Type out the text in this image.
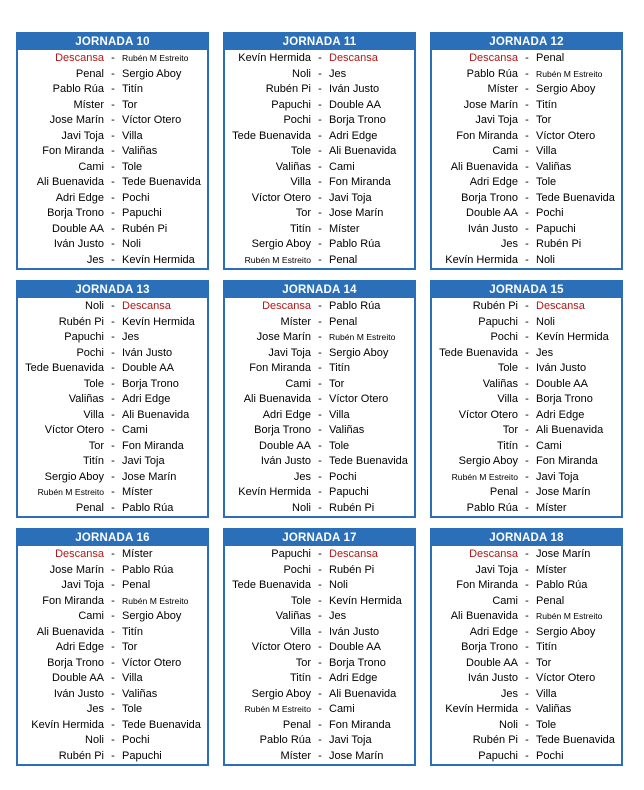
JORNADA 10
Descansa - Rubén M Estreito
Penal - Sergio Aboy
Pablo Rúa - Titín
Míster - Tor
Jose Marín - Víctor Otero
Javi Toja - Villa
Fon Miranda - Valiñas
Cami - Tole
Ali Buenavida - Tede Buenavida
Adri Edge - Pochi
Borja Trono - Papuchi
Double AA - Rubén Pi
Iván Justo - Noli
Jes - Kevín Hermida
JORNADA 11
Kevín Hermida - Descansa
Noli - Jes
Rubén Pi - Iván Justo
Papuchi - Double AA
Pochi - Borja Trono
Tede Buenavida - Adri Edge
Tole - Ali Buenavida
Valiñas - Cami
Villa - Fon Miranda
Víctor Otero - Javi Toja
Tor - Jose Marín
Titín - Míster
Sergio Aboy - Pablo Rúa
Rubén M Estreito - Penal
JORNADA 12
Descansa - Penal
Pablo Rúa - Rubén M Estreito
Míster - Sergio Aboy
Jose Marín - Titín
Javi Toja - Tor
Fon Miranda - Víctor Otero
Cami - Villa
Ali Buenavida - Valiñas
Adri Edge - Tole
Borja Trono - Tede Buenavida
Double AA - Pochi
Iván Justo - Papuchi
Jes - Rubén Pi
Kevín Hermida - Noli
JORNADA 13
Noli - Descansa
Rubén Pi - Kevín Hermida
Papuchi - Jes
Pochi - Iván Justo
Tede Buenavida - Double AA
Tole - Borja Trono
Valiñas - Adri Edge
Villa - Ali Buenavida
Víctor Otero - Cami
Tor - Fon Miranda
Titín - Javi Toja
Sergio Aboy - Jose Marín
Rubén M Estreito - Míster
Penal - Pablo Rúa
JORNADA 14
Descansa - Pablo Rúa
Míster - Penal
Jose Marín - Rubén M Estreito
Javi Toja - Sergio Aboy
Fon Miranda - Titín
Cami - Tor
Ali Buenavida - Víctor Otero
Adri Edge - Villa
Borja Trono - Valiñas
Double AA - Tole
Iván Justo - Tede Buenavida
Jes - Pochi
Kevín Hermida - Papuchi
Noli - Rubén Pi
JORNADA 15
Rubén Pi - Descansa
Papuchi - Noli
Pochi - Kevín Hermida
Tede Buenavida - Jes
Tole - Iván Justo
Valiñas - Double AA
Villa - Borja Trono
Víctor Otero - Adri Edge
Tor - Ali Buenavida
Titín - Cami
Sergio Aboy - Fon Miranda
Rubén M Estreito - Javi Toja
Penal - Jose Marín
Pablo Rúa - Míster
JORNADA 16
Descansa - Míster
Jose Marín - Pablo Rúa
Javi Toja - Penal
Fon Miranda - Rubén M Estreito
Cami - Sergio Aboy
Ali Buenavida - Titín
Adri Edge - Tor
Borja Trono - Víctor Otero
Double AA - Villa
Iván Justo - Valiñas
Jes - Tole
Kevín Hermida - Tede Buenavida
Noli - Pochi
Rubén Pi - Papuchi
JORNADA 17
Papuchi - Descansa
Pochi - Rubén Pi
Tede Buenavida - Noli
Tole - Kevín Hermida
Valiñas - Jes
Villa - Iván Justo
Víctor Otero - Double AA
Tor - Borja Trono
Titín - Adri Edge
Sergio Aboy - Ali Buenavida
Rubén M Estreito - Cami
Penal - Fon Miranda
Pablo Rúa - Javi Toja
Míster - Jose Marín
JORNADA 18
Descansa - Jose Marín
Javi Toja - Míster
Fon Miranda - Pablo Rúa
Cami - Penal
Ali Buenavida - Rubén M Estreito
Adri Edge - Sergio Aboy
Borja Trono - Titín
Double AA - Tor
Iván Justo - Víctor Otero
Jes - Villa
Kevín Hermida - Valiñas
Noli - Tole
Rubén Pi - Tede Buenavida
Papuchi - Pochi
